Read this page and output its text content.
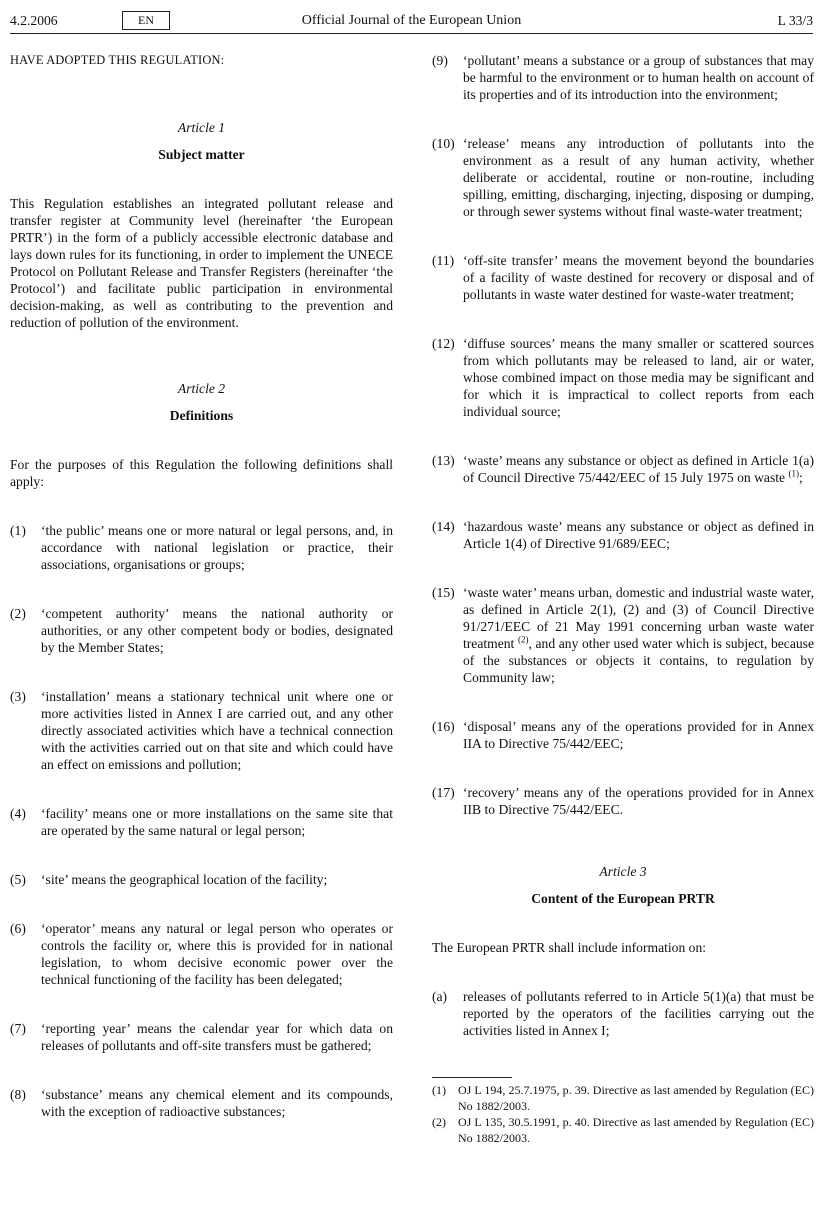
4.2.2006	EN	Official Journal of the European Union	L 33/3

HAVE ADOPTED THIS REGULATION:

Article 1

Subject matter

This Regulation establishes an integrated pollutant release and transfer register at Community level (hereinafter ‘the European PRTR’) in the form of a publicly accessible electronic database and lays down rules for its functioning, in order to implement the UNECE Protocol on Pollutant Release and Transfer Registers (hereinafter ‘the Protocol’) and facilitate public participation in environmental decision-making, as well as contributing to the prevention and reduction of pollution of the environment.

Article 2

Definitions

For the purposes of this Regulation the following definitions shall apply:

(1) ‘the public’ means one or more natural or legal persons, and, in accordance with national legislation or practice, their associations, organisations or groups;
(2) ‘competent authority’ means the national authority or authorities, or any other competent body or bodies, designated by the Member States;
(3) ‘installation’ means a stationary technical unit where one or more activities listed in Annex I are carried out, and any other directly associated activities which have a technical connection with the activities carried out on that site and which could have an effect on emissions and pollution;
(4) ‘facility’ means one or more installations on the same site that are operated by the same natural or legal person;
(5) ‘site’ means the geographical location of the facility;
(6) ‘operator’ means any natural or legal person who operates or controls the facility or, where this is provided for in national legislation, to whom decisive economic power over the technical functioning of the facility has been delegated;
(7) ‘reporting year’ means the calendar year for which data on releases of pollutants and off-site transfers must be gathered;
(8) ‘substance’ means any chemical element and its compounds, with the exception of radioactive substances;
(9) ‘pollutant’ means a substance or a group of substances that may be harmful to the environment or to human health on account of its properties and of its introduction into the environment;
(10) ‘release’ means any introduction of pollutants into the environment as a result of any human activity, whether deliberate or accidental, routine or non-routine, including spilling, emitting, discharging, injecting, disposing or dumping, or through sewer systems without final waste-water treatment;
(11) ‘off-site transfer’ means the movement beyond the boundaries of a facility of waste destined for recovery or disposal and of pollutants in waste water destined for waste-water treatment;
(12) ‘diffuse sources’ means the many smaller or scattered sources from which pollutants may be released to land, air or water, whose combined impact on those media may be significant and for which it is impractical to collect reports from each individual source;
(13) ‘waste’ means any substance or object as defined in Article 1(a) of Council Directive 75/442/EEC of 15 July 1975 on waste $^{(1)}$;
(14) ‘hazardous waste’ means any substance or object as defined in Article 1(4) of Directive 91/689/EEC;
(15) ‘waste water’ means urban, domestic and industrial waste water, as defined in Article 2(1), (2) and (3) of Council Directive 91/271/EEC of 21 May 1991 concerning urban waste water treatment $^{(2)}$, and any other used water which is subject, because of the substances or objects it contains, to regulation by Community law;
(16) ‘disposal’ means any of the operations provided for in Annex IIA to Directive 75/442/EEC;
(17) ‘recovery’ means any of the operations provided for in Annex IIB to Directive 75/442/EEC.

Article 3

Content of the European PRTR

The European PRTR shall include information on:

(a) releases of pollutants referred to in Article 5(1)(a) that must be reported by the operators of the facilities carrying out the activities listed in Annex I;
(1) OJ L 194, 25.7.1975, p. 39. Directive as last amended by Regulation (EC) No 1882/2003.
(2) OJ L 135, 30.5.1991, p. 40. Directive as last amended by Regulation (EC) No 1882/2003.
